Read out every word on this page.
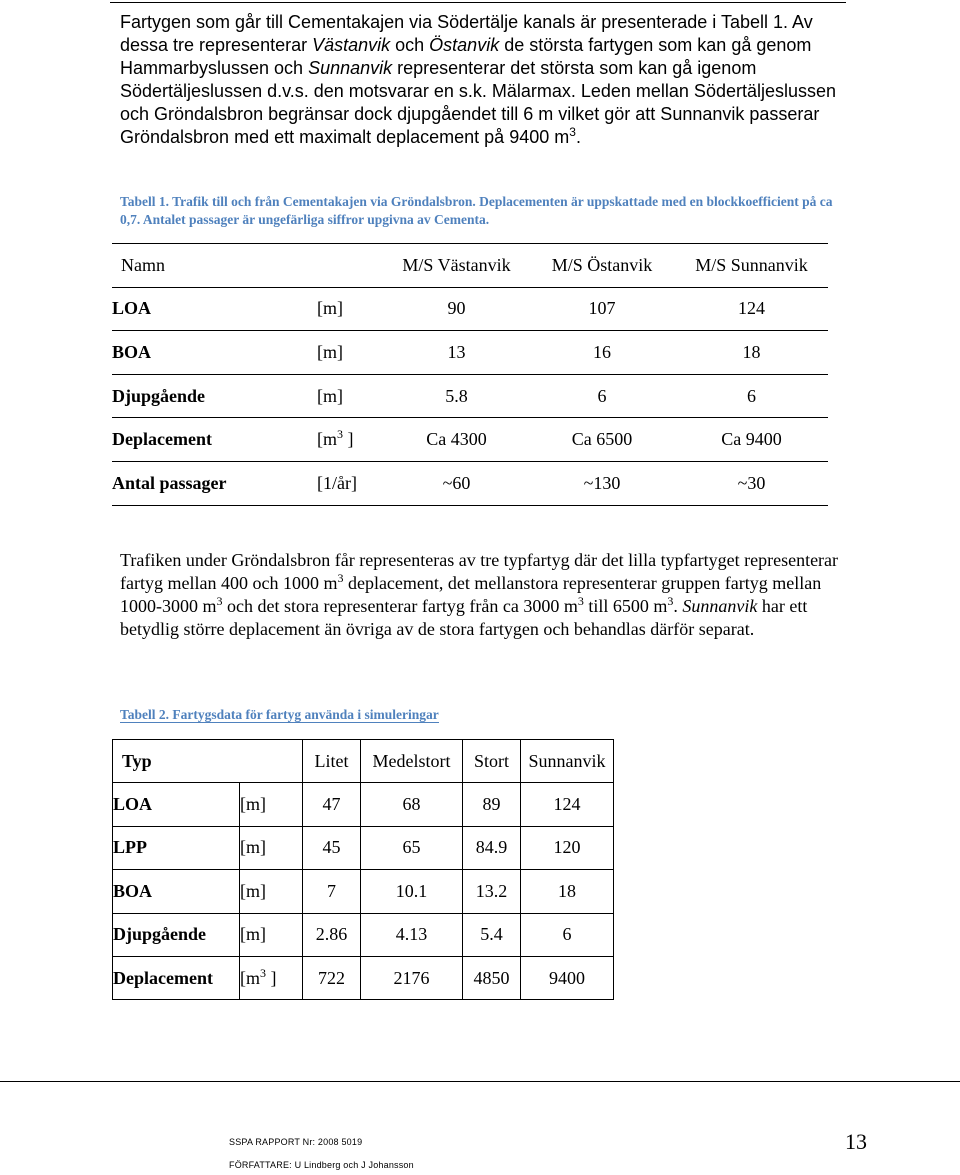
Fartygen som går till Cementakajen via Södertälje kanals är presenterade i Tabell 1. Av dessa tre representerar Västanvik och Östanvik de största fartygen som kan gå genom Hammarbyslussen och Sunnanvik representerar det största som kan gå igenom Södertäljeslussen d.v.s. den motsvarar en s.k. Mälarmax. Leden mellan Södertäljeslussen och Gröndalsbron begränsar dock djupgåendet till 6 m vilket gör att Sunnanvik passerar Gröndalsbron med ett maximalt deplacement på 9400 $m^3$.

Tabell 1. Trafik till och från Cementakajen via Gröndalsbron. Deplacementen är uppskattade med en blockkoefficient på ca 0,7. Antalet passager är ungefärliga siffror upgivna av Cementa.

Namn		M/S Västanvik	M/S Östanvik	M/S Sunnanvik
LOA	[m]	90	107	124
BOA	[m]	13	16	18
Djupgående	[m]	5.8	6	6
Deplacement	[$m^3$ ]	Ca 4300	Ca 6500	Ca 9400
Antal passager	[1/år]	~60	~130	~30

Trafiken under Gröndalsbron får representeras av tre typfartyg där det lilla typfartyget representerar fartyg mellan 400 och 1000 $m^3$ deplacement, det mellanstora representerar gruppen fartyg mellan 1000-3000 $m^3$ och det stora representerar fartyg från ca 3000 $m^3$ till 6500 $m^3$. Sunnanvik har ett betydlig större deplacement än övriga av de stora fartygen och behandlas därför separat.

Tabell 2. Fartygsdata för fartyg använda i simuleringar

Typ		Litet	Medelstort	Stort	Sunnanvik
LOA	[m]	47	68	89	124
LPP	[m]	45	65	84.9	120
BOA	[m]	7	10.1	13.2	18
Djupgående	[m]	2.86	4.13	5.4	6
Deplacement	[$m^3$ ]	722	2176	4850	9400
SSPA RAPPORT Nr: 2008 5019
FÖRFATTARE: U Lindberg och J Johansson
13
